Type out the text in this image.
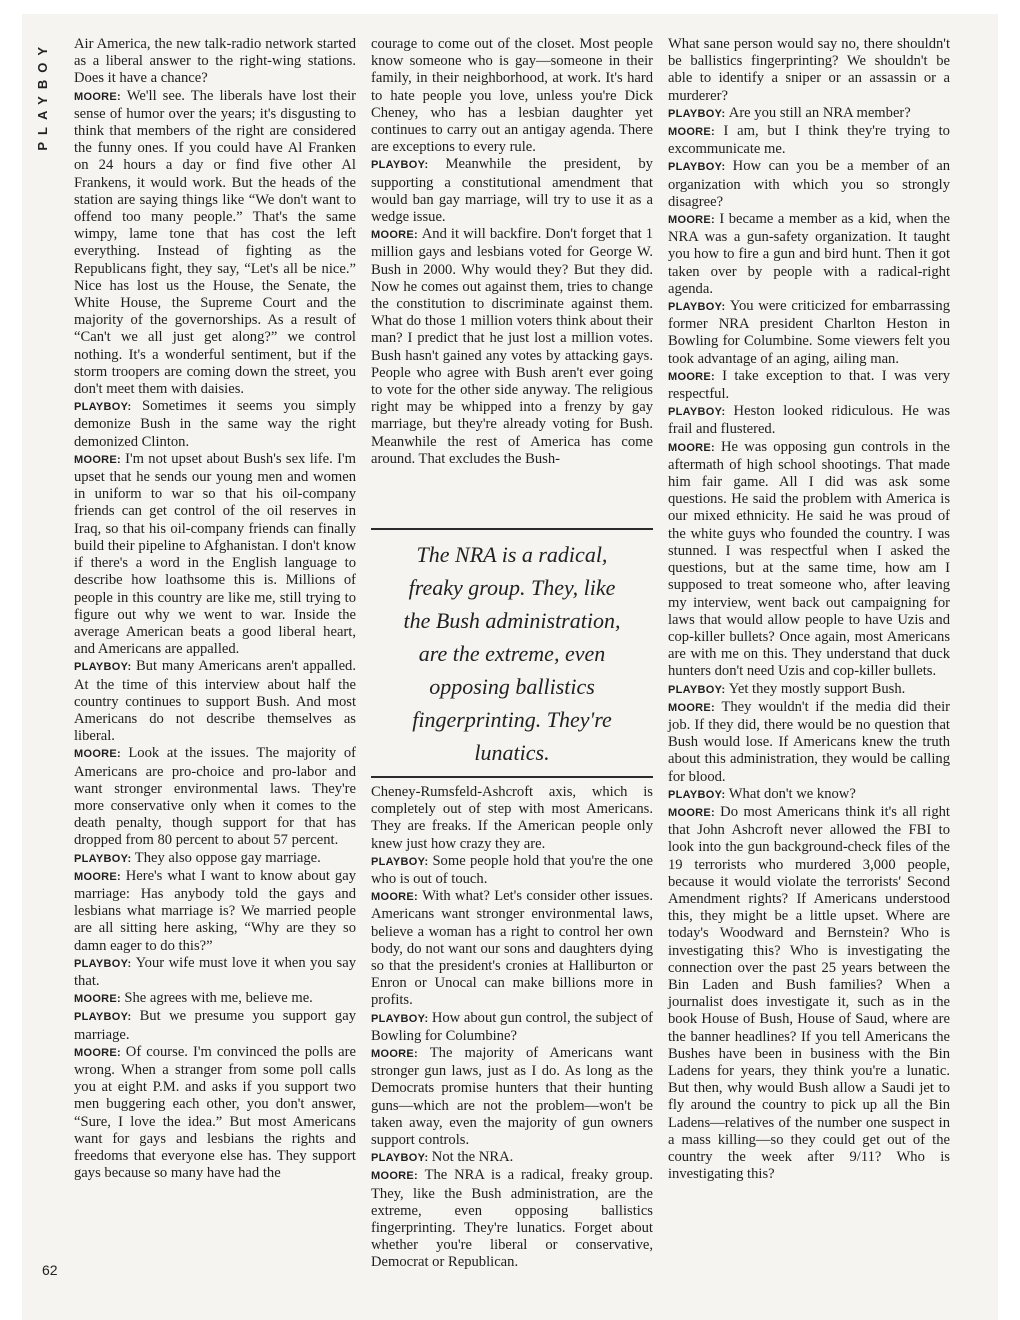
PLAYBOY
62

Air America, the new talk-radio network started as a liberal answer to the right-wing stations. Does it have a chance?

MOORE: We'll see. The liberals have lost their sense of humor over the years; it's disgusting to think that members of the right are considered the funny ones. If you could have Al Franken on 24 hours a day or find five other Al Frankens, it would work. But the heads of the station are saying things like “We don't want to offend too many people.” That's the same wimpy, lame tone that has cost the left everything. Instead of fighting as the Republicans fight, they say, “Let's all be nice.” Nice has lost us the House, the Senate, the White House, the Supreme Court and the majority of the governorships. As a result of “Can't we all just get along?” we control nothing. It's a wonderful sentiment, but if the storm troopers are coming down the street, you don't meet them with daisies.

PLAYBOY: Sometimes it seems you simply demonize Bush in the same way the right demonized Clinton.

MOORE: I'm not upset about Bush's sex life. I'm upset that he sends our young men and women in uniform to war so that his oil-company friends can get control of the oil reserves in Iraq, so that his oil-company friends can finally build their pipeline to Afghanistan. I don't know if there's a word in the English language to describe how loathsome this is. Millions of people in this country are like me, still trying to figure out why we went to war. Inside the average American beats a good liberal heart, and Americans are appalled.

PLAYBOY: But many Americans aren't appalled. At the time of this interview about half the country continues to support Bush. And most Americans do not describe themselves as liberal.

MOORE: Look at the issues. The majority of Americans are pro-choice and pro-labor and want stronger environmental laws. They're more conservative only when it comes to the death penalty, though support for that has dropped from 80 percent to about 57 percent.

PLAYBOY: They also oppose gay marriage.

MOORE: Here's what I want to know about gay marriage: Has anybody told the gays and lesbians what marriage is? We married people are all sitting here asking, “Why are they so damn eager to do this?”

PLAYBOY: Your wife must love it when you say that.

MOORE: She agrees with me, believe me.

PLAYBOY: But we presume you support gay marriage.

MOORE: Of course. I'm convinced the polls are wrong. When a stranger from some poll calls you at eight P.M. and asks if you support two men buggering each other, you don't answer, “Sure, I love the idea.” But most Americans want for gays and lesbians the rights and freedoms that everyone else has. They support gays because so many have had the

courage to come out of the closet. Most people know someone who is gay—someone in their family, in their neighborhood, at work. It's hard to hate people you love, unless you're Dick Cheney, who has a lesbian daughter yet continues to carry out an antigay agenda. There are exceptions to every rule.

PLAYBOY: Meanwhile the president, by supporting a constitutional amendment that would ban gay marriage, will try to use it as a wedge issue.

MOORE: And it will backfire. Don't forget that 1 million gays and lesbians voted for George W. Bush in 2000. Why would they? But they did. Now he comes out against them, tries to change the constitution to discriminate against them. What do those 1 million voters think about their man? I predict that he just lost a million votes. Bush hasn't gained any votes by attacking gays. People who agree with Bush aren't ever going to vote for the other side anyway. The religious right may be whipped into a frenzy by gay marriage, but they're already voting for Bush. Meanwhile the rest of America has come around. That excludes the Bush-

The NRA is a radical, freaky group. They, like the Bush administration, are the extreme, even opposing ballistics fingerprinting. They're lunatics.

Cheney-Rumsfeld-Ashcroft axis, which is completely out of step with most Americans. They are freaks. If the American people only knew just how crazy they are.

PLAYBOY: Some people hold that you're the one who is out of touch.

MOORE: With what? Let's consider other issues. Americans want stronger environmental laws, believe a woman has a right to control her own body, do not want our sons and daughters dying so that the president's cronies at Halliburton or Enron or Unocal can make billions more in profits.

PLAYBOY: How about gun control, the subject of Bowling for Columbine?

MOORE: The majority of Americans want stronger gun laws, just as I do. As long as the Democrats promise hunters that their hunting guns—which are not the problem—won't be taken away, even the majority of gun owners support controls.

PLAYBOY: Not the NRA.

MOORE: The NRA is a radical, freaky group. They, like the Bush administration, are the extreme, even opposing ballistics fingerprinting. They're lunatics. Forget about whether you're liberal or conservative, Democrat or Republican.

What sane person would say no, there shouldn't be ballistics fingerprinting? We shouldn't be able to identify a sniper or an assassin or a murderer?

PLAYBOY: Are you still an NRA member?

MOORE: I am, but I think they're trying to excommunicate me.

PLAYBOY: How can you be a member of an organization with which you so strongly disagree?

MOORE: I became a member as a kid, when the NRA was a gun-safety organization. It taught you how to fire a gun and bird hunt. Then it got taken over by people with a radical-right agenda.

PLAYBOY: You were criticized for embarrassing former NRA president Charlton Heston in Bowling for Columbine. Some viewers felt you took advantage of an aging, ailing man.

MOORE: I take exception to that. I was very respectful.

PLAYBOY: Heston looked ridiculous. He was frail and flustered.

MOORE: He was opposing gun controls in the aftermath of high school shootings. That made him fair game. All I did was ask some questions. He said the problem with America is our mixed ethnicity. He said he was proud of the white guys who founded the country. I was stunned. I was respectful when I asked the questions, but at the same time, how am I supposed to treat someone who, after leaving my interview, went back out campaigning for laws that would allow people to have Uzis and cop-killer bullets? Once again, most Americans are with me on this. They understand that duck hunters don't need Uzis and cop-killer bullets.

PLAYBOY: Yet they mostly support Bush.

MOORE: They wouldn't if the media did their job. If they did, there would be no question that Bush would lose. If Americans knew the truth about this administration, they would be calling for blood.

PLAYBOY: What don't we know?

MOORE: Do most Americans think it's all right that John Ashcroft never allowed the FBI to look into the gun background-check files of the 19 terrorists who murdered 3,000 people, because it would violate the terrorists' Second Amendment rights? If Americans understood this, they might be a little upset. Where are today's Woodward and Bernstein? Who is investigating this? Who is investigating the connection over the past 25 years between the Bin Laden and Bush families? When a journalist does investigate it, such as in the book House of Bush, House of Saud, where are the banner headlines? If you tell Americans the Bushes have been in business with the Bin Ladens for years, they think you're a lunatic. But then, why would Bush allow a Saudi jet to fly around the country to pick up all the Bin Ladens—relatives of the number one suspect in a mass killing—so they could get out of the country the week after 9/11? Who is investigating this?
